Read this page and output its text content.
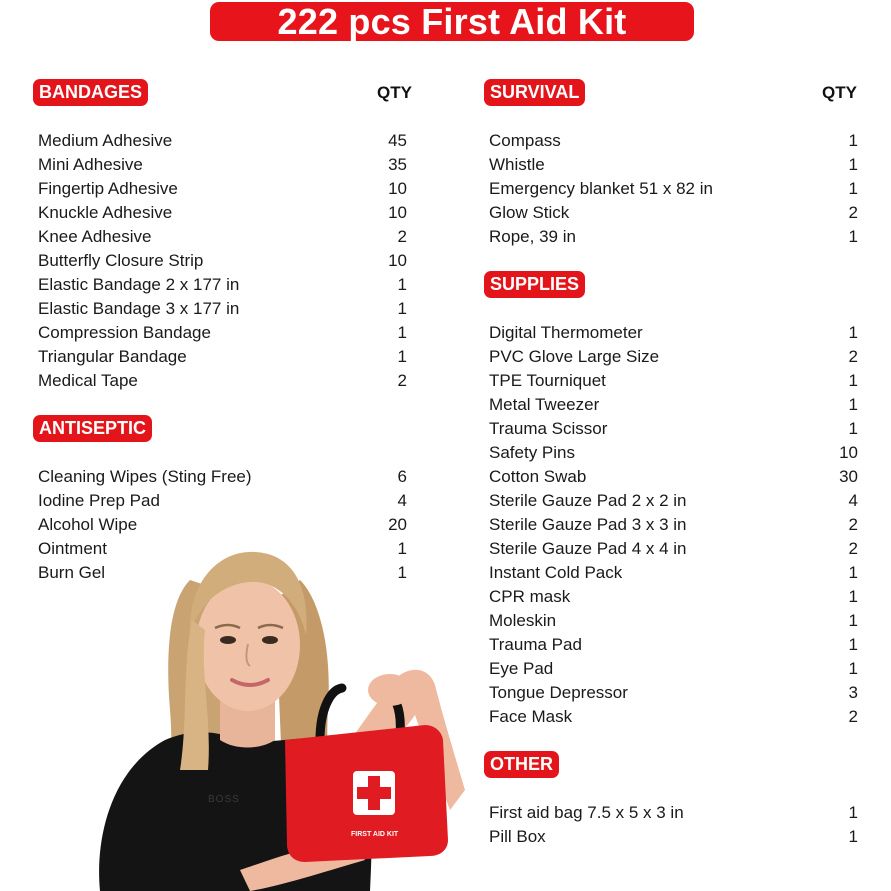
222 pcs First Aid Kit
BANDAGES	QTY
Medium Adhesive	45
Mini Adhesive	35
Fingertip Adhesive	10
Knuckle Adhesive	10
Knee Adhesive	2
Butterfly Closure Strip	10
Elastic Bandage 2 x 177 in	1
Elastic Bandage 3 x 177 in	1
Compression Bandage	1
Triangular Bandage	1
Medical Tape	2
ANTISEPTIC
Cleaning Wipes (Sting Free)	6
Iodine Prep Pad	4
Alcohol Wipe	20
Ointment	1
Burn Gel	1
SURVIVAL	QTY
Compass	1
Whistle	1
Emergency blanket 51 x 82 in	1
Glow Stick	2
Rope, 39 in	1
SUPPLIES
Digital Thermometer	1
PVC Glove Large Size	2
TPE Tourniquet	1
Metal Tweezer	1
Trauma Scissor	1
Safety Pins	10
Cotton Swab	30
Sterile Gauze Pad 2 x 2 in	4
Sterile Gauze Pad 3 x 3 in	2
Sterile Gauze Pad 4 x 4 in	2
Instant Cold Pack	1
CPR mask	1
Moleskin	1
Trauma Pad	1
Eye Pad	1
Tongue Depressor	3
Face Mask	2
OTHER
First aid bag 7.5 x 5 x 3 in	1
Pill Box	1
BOSS
FIRST AID KIT
